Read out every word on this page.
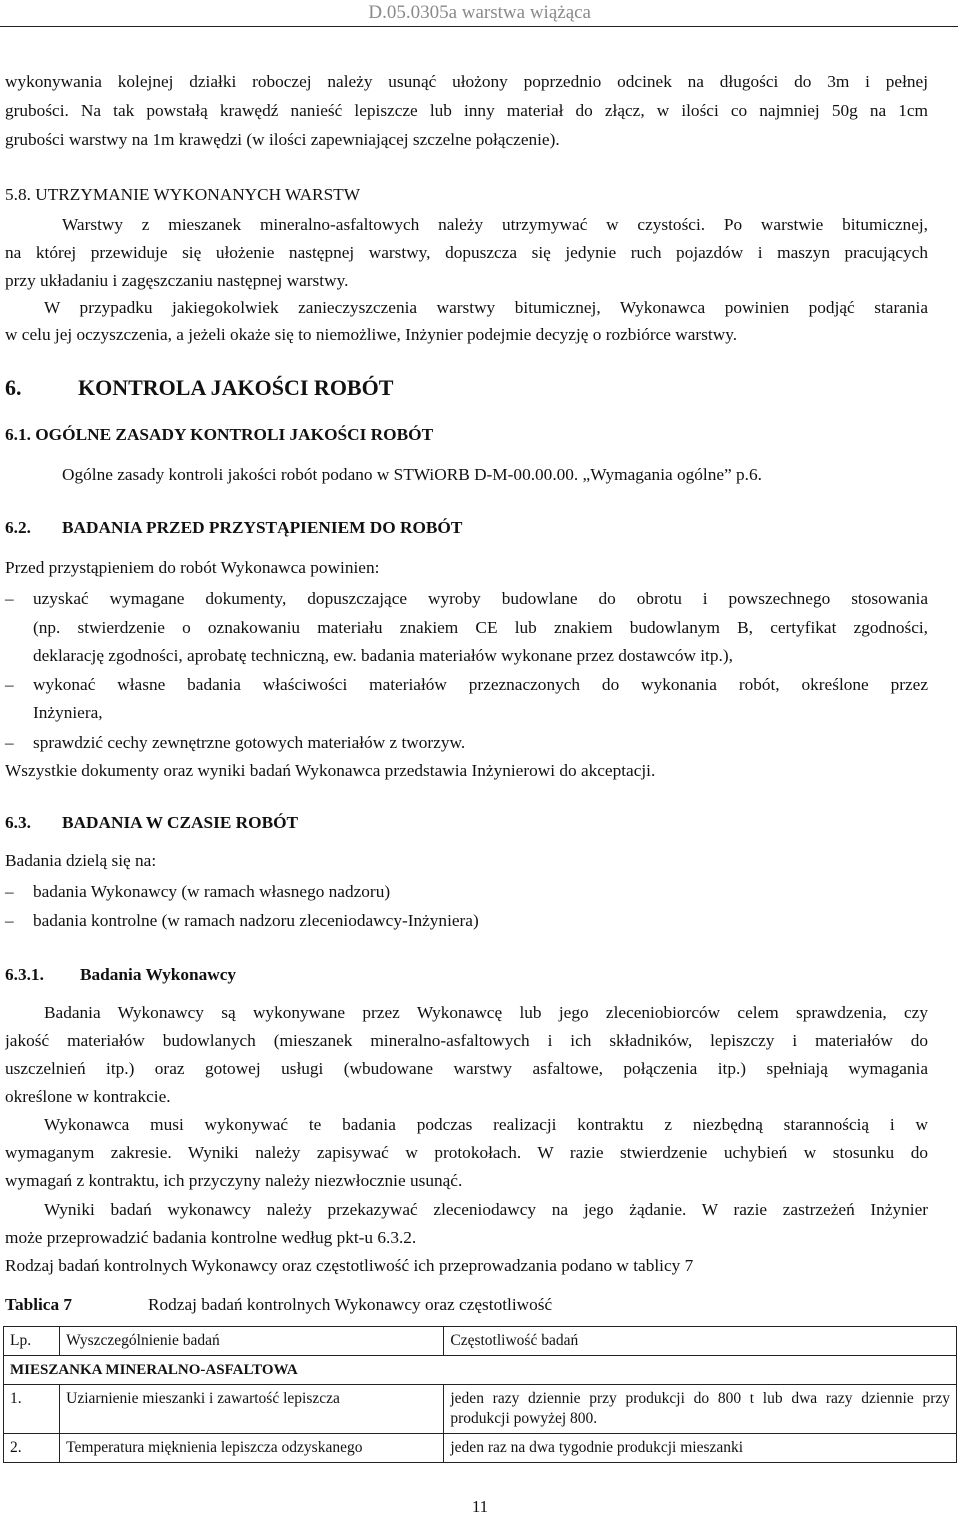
D.05.0305a warstwa wiążąca
wykonywania kolejnej działki roboczej należy usunąć ułożony poprzednio odcinek na długości do 3m i pełnej
grubości. Na tak powstałą krawędź nanieść lepiszcze lub inny materiał do złącz, w ilości co najmniej 50g na 1cm
grubości warstwy na 1m krawędzi (w ilości zapewniającej szczelne połączenie).
5.8. UTRZYMANIE WYKONANYCH WARSTW
Warstwy z mieszanek mineralno-asfaltowych należy utrzymywać w czystości. Po warstwie bitumicznej,
na której przewiduje się ułożenie następnej warstwy, dopuszcza się jedynie ruch pojazdów i maszyn pracujących
przy układaniu i zagęszczaniu następnej warstwy.
W przypadku jakiegokolwiek zanieczyszczenia warstwy bitumicznej, Wykonawca powinien podjąć starania
w celu jej oczyszczenia, a jeżeli okaże się to niemożliwe, Inżynier podejmie decyzję o rozbiórce warstwy.
6.	KONTROLA JAKOŚCI ROBÓT
6.1. OGÓLNE ZASADY KONTROLI JAKOŚCI ROBÓT
Ogólne zasady kontroli jakości robót podano w STWiORB D-M-00.00.00. „Wymagania ogólne” p.6.
6.2.	BADANIA PRZED PRZYSTĄPIENIEM DO ROBÓT
Przed przystąpieniem do robót Wykonawca powinien:
– uzyskać wymagane dokumenty, dopuszczające wyroby budowlane do obrotu i powszechnego stosowania
(np. stwierdzenie o oznakowaniu materiału znakiem CE lub znakiem budowlanym B, certyfikat zgodności,
deklarację zgodności, aprobatę techniczną, ew. badania materiałów wykonane przez dostawców itp.),
– wykonać własne badania właściwości materiałów przeznaczonych do wykonania robót, określone przez
Inżyniera,
– sprawdzić cechy zewnętrzne gotowych materiałów z tworzyw.
Wszystkie dokumenty oraz wyniki badań Wykonawca przedstawia Inżynierowi do akceptacji.
6.3.	BADANIA W CZASIE ROBÓT
Badania dzielą się na:
– badania Wykonawcy (w ramach własnego nadzoru)
– badania kontrolne (w ramach nadzoru zleceniodawcy-Inżyniera)
6.3.1.	Badania Wykonawcy
Badania Wykonawcy są wykonywane przez Wykonawcę lub jego zleceniobiorców celem sprawdzenia, czy
jakość materiałów budowlanych (mieszanek mineralno-asfaltowych i ich składników, lepiszczy i materiałów do
uszczelnień itp.) oraz gotowej usługi (wbudowane warstwy asfaltowe, połączenia itp.) spełniają wymagania
określone w kontrakcie.
Wykonawca musi wykonywać te badania podczas realizacji kontraktu z niezbędną starannością i w
wymaganym zakresie. Wyniki należy zapisywać w protokołach. W razie stwierdzenie uchybień w stosunku do
wymagań z kontraktu, ich przyczyny należy niezwłocznie usunąć.
Wyniki badań wykonawcy należy przekazywać zleceniodawcy na jego żądanie. W razie zastrzeżeń Inżynier
może przeprowadzić badania kontrolne według pkt-u 6.3.2.
Rodzaj badań kontrolnych Wykonawcy oraz częstotliwość ich przeprowadzania podano w tablicy 7
Tablica 7	Rodzaj badań kontrolnych Wykonawcy oraz częstotliwość
Lp.	Wyszczególnienie badań	Częstotliwość badań
MIESZANKA MINERALNO-ASFALTOWA		
1.	Uziarnienie mieszanki i zawartość lepiszcza	jeden razy dziennie przy produkcji do 800 t lub dwa razy dziennie przy produkcji powyżej 800.
2.	Temperatura mięknienia lepiszcza odzyskanego	jeden raz na dwa tygodnie produkcji mieszanki
11
